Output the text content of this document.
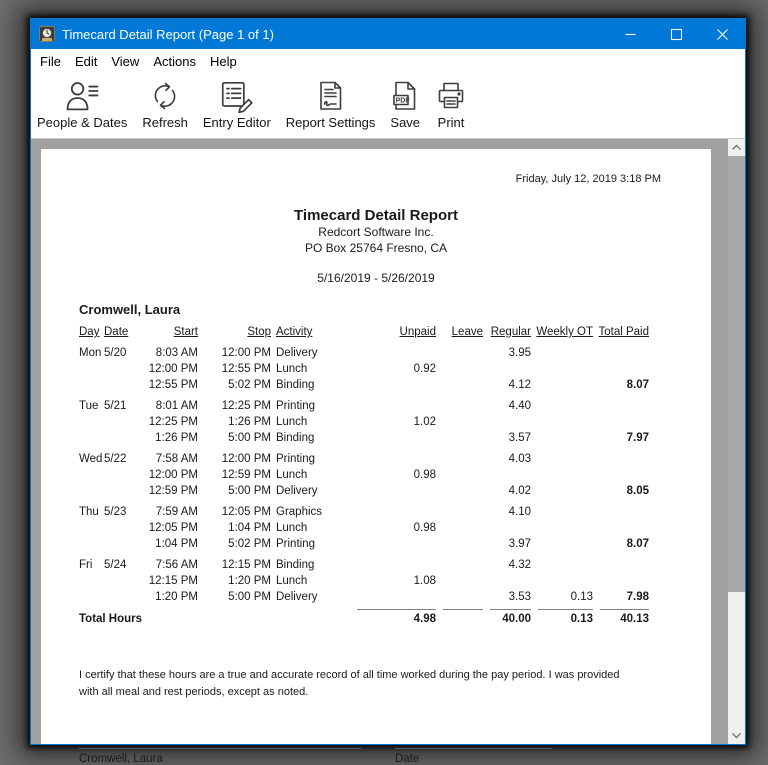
Timecard Detail Report (Page 1 of 1)
File	Edit	View	Actions	Help
People & Dates Refresh Entry Editor Report Settings
PDF
Save Print
Friday, July 12, 2019 3:18 PM
Timecard Detail Report
Redcort Software Inc.
PO Box 25764 Fresno, CA
5/16/2019 - 5/26/2019
Cromwell, Laura
Day	Date	Start	Stop	Activity	Unpaid	Leave	Regular	Weekly OT	Total Paid
Mon	5/20	8:03 AM	12:00 PM	Delivery			3.95		
		12:00 PM	12:55 PM	Lunch	0.92				
		12:55 PM	5:02 PM	Binding			4.12		8.07
Tue	5/21	8:01 AM	12:25 PM	Printing			4.40		
		12:25 PM	1:26 PM	Lunch	1.02				
		1:26 PM	5:00 PM	Binding			3.57		7.97
Wed	5/22	7:58 AM	12:00 PM	Printing			4.03		
		12:00 PM	12:59 PM	Lunch	0.98				
		12:59 PM	5:00 PM	Delivery			4.02		8.05
Thu	5/23	7:59 AM	12:05 PM	Graphics			4.10		
		12:05 PM	1:04 PM	Lunch	0.98				
		1:04 PM	5:02 PM	Printing			3.97		8.07
Fri	5/24	7:56 AM	12:15 PM	Binding			4.32		
		12:15 PM	1:20 PM	Lunch	1.08				
		1:20 PM	5:00 PM	Delivery			3.53	0.13	7.98

Total Hours					4.98		40.00	0.13	40.13

I certify that these hours are a true and accurate record of all time worked during the pay period. I was provided with all meal and rest periods, except as noted.

Cromwell, Laura	Date
